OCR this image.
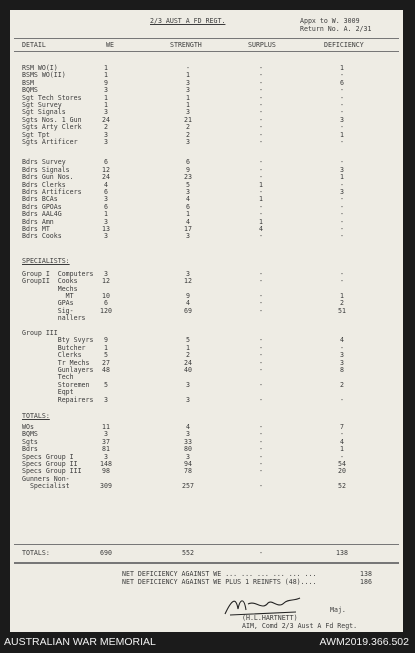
2/3 AUST A FD REGT.	Appx to W. 3009
Return No. A. 2/31
DETAIL	WE	STRENGTH	SURPLUS	DEFICIENCY
RSM WO(I)	1	-	-	1
BSMS WO(II)	1	1	-	-
BSM	9	3	-	6
BQMS	3	3	-	-
Sgt Tech Stores	1	1	-	-
Sgt Survey	1	1	-	-
Sgt Signals	3	3	-	-
Sgts Nos. 1 Gun	24	21	-	3
Sgts Arty Clerk	2	2	-	-
Sgt Tpt	3	2	-	1
Sgts Artificer	3	3	-	-
Bdrs Survey	6	6	-	-
Bdrs Signals	12	9	-	3
Bdrs Gun Nos.	24	23	-	1
Bdrs Clerks	4	5	1	-
Bdrs Artificers	6	3	-	3
Bdrs BCAs	3	4	1	-
Bdrs GPOAs	6	6	-	-
Bdrs AAL4G	1	1	-	-
Bdrs Amn	3	4	1	-
Bdrs MT	13	17	4	-
Bdrs Cooks	3	3	-	-
SPECIALISTS:
Group I  Computers	3	3	-	-
GroupII  Cooks	12	12	-	-
Mechs
MT	10	9	-	1
GPAs	6	4	-	2
Sig-	120	69	-	51
nallers
Group III
Bty Svyrs	9	5	-	4
Butcher	1	1	-	-
Clerks	5	2	-	3
Tr Mechs	27	24	-	3
Gunlayers	48	40	-	8
Tech
Storemen	5	3	-	2
Eqpt
Repairers	3	3	-	-
TOTALS:
WOs	11	4	-	7
BQMS	3	3	-	-
Sgts	37	33	-	4
Bdrs	81	80	-	1
Specs Group I	3	3	-	-
Specs Group II	148	94	-	54
Specs Group III	98	78	-	20
Gunners Non-
Specialist	309	257	-	52
TOTALS:	690	552	-	138
NET DEFICIENCY AGAINST WE ... ... ... ... ... ...	138
NET DEFICIENCY AGAINST WE PLUS 1 REINFTS (48)....	186
Maj.
(H.L.HARTNETT)
AIM, Comd 2/3 Aust A Fd Regt.
AUSTRALIAN WAR MEMORIAL	AWM2019.366.502
